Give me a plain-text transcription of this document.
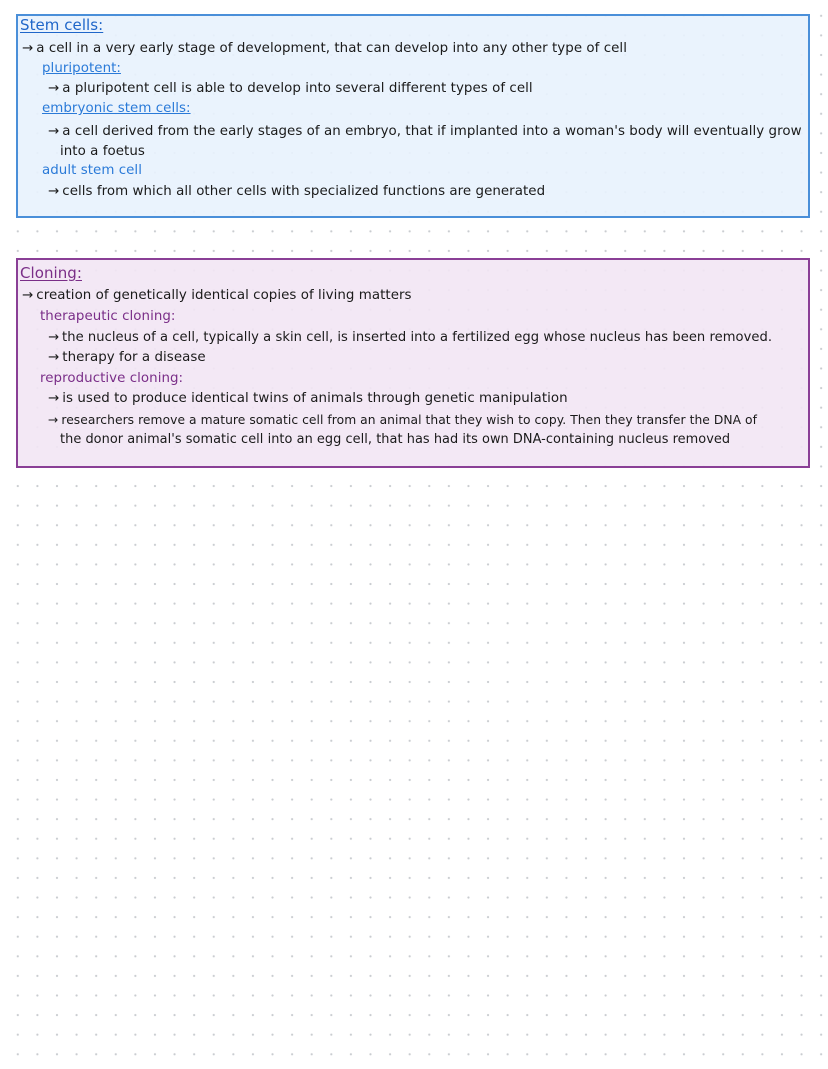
Stem cells:
→ a cell in a very early stage of development, that can develop into any other type of cell
pluripotent:
→ a pluripotent cell is able to develop into several different types of cell
embryonic stem cells:
→ a cell derived from the early stages of an embryo, that if implanted into a woman's body will eventually grow
into a foetus
adult stem cell
→ cells from which all other cells with specialized functions are generated
Cloning:
→ creation of genetically identical copies of living matters
therapeutic cloning:
→ the nucleus of a cell, typically a skin cell, is inserted into a fertilized egg whose nucleus has been removed.
→ therapy for a disease
reproductive cloning:
→ is used to produce identical twins of animals through genetic manipulation
→ researchers remove a mature somatic cell from an animal that they wish to copy. Then they transfer the DNA of
the donor animal's somatic cell into an egg cell, that has had its own DNA-containing nucleus removed
